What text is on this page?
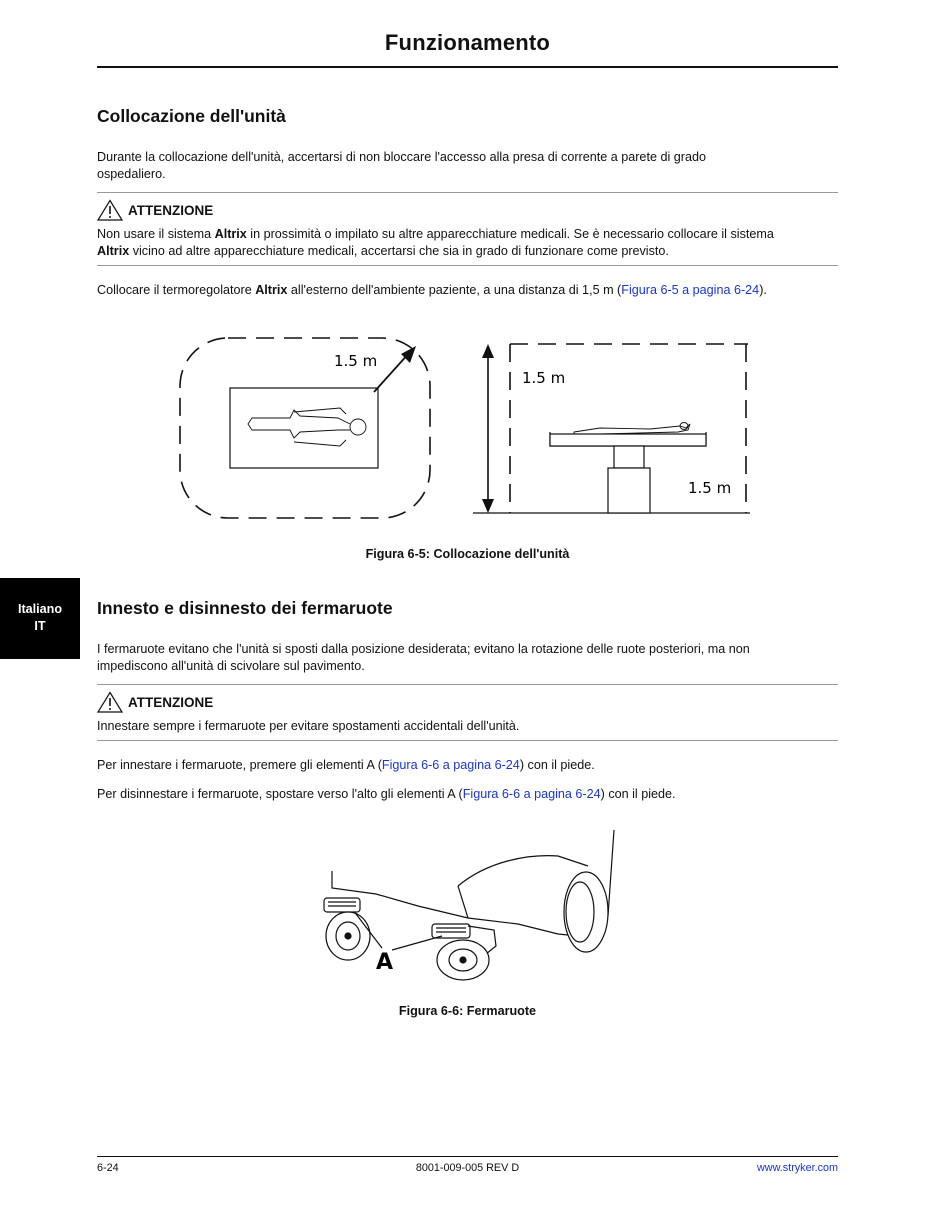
Funzionamento
Italiano
IT
Collocazione dell'unità
Durante la collocazione dell'unità, accertarsi di non bloccare l'accesso alla presa di corrente a parete di grado
ospedaliero.
ATTENZIONE
Non usare il sistema Altrix in prossimità o impilato su altre apparecchiature medicali. Se è necessario collocare il sistema
Altrix vicino ad altre apparecchiature medicali, accertarsi che sia in grado di funzionare come previsto.
Collocare il termoregolatore Altrix all'esterno dell'ambiente paziente, a una distanza di 1,5 m (Figura 6-5 a pagina 6-24).
1.5 m
1.5 m
1.5 m
Figura 6-5: Collocazione dell'unità
Innesto e disinnesto dei fermaruote
I fermaruote evitano che l'unità si sposti dalla posizione desiderata; evitano la rotazione delle ruote posteriori, ma non
impediscono all'unità di scivolare sul pavimento.
ATTENZIONE
Innestare sempre i fermaruote per evitare spostamenti accidentali dell'unità.
Per innestare i fermaruote, premere gli elementi A (Figura 6-6 a pagina 6-24) con il piede.
Per disinnestare i fermaruote, spostare verso l'alto gli elementi A (Figura 6-6 a pagina 6-24) con il piede.
A
Figura 6-6: Fermaruote
6-24	8001-009-005 REV D	www.stryker.com
